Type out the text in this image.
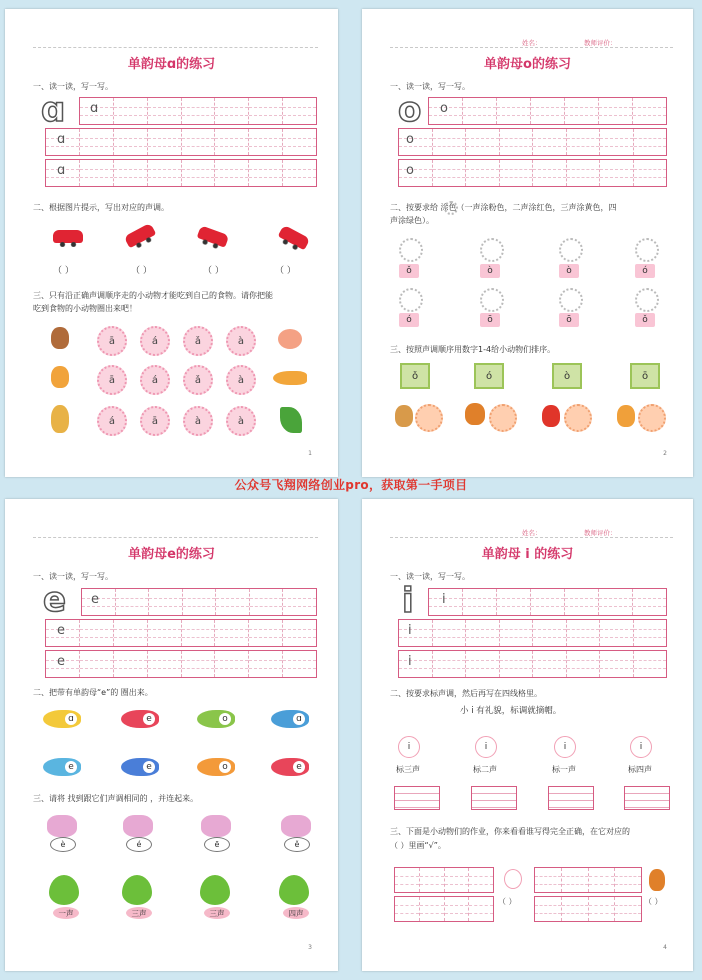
单韵母ɑ的练习
一、读一读，写一写。
ɑ ɑ
ɑ
ɑ
二、根据图片提示，写出对应的声调。
（ ）	（ ）	（ ）	（ ）
三、只有沿正确声调顺序走的小动物才能吃到自己的食物。请你把能
吃到食物的小动物圈出来吧！
ā	á	ǎ	à
ā	á	ǎ	à
á	ā	à	à
1
姓名：	教师评价：
单韵母o的练习
一、读一读，写一写。
o o
o
o
二、按要求给 涂色（一声涂粉色，二声涂红色，三声涂黄色，四
声涂绿色）。
ǒ	ò	ò	ó
ó	ō	ō	ǒ
三、按照声调顺序用数字1-4给小动物们排序。
ǒ	ó	ò	ō
2
公众号飞翔网络创业pro，获取第一手项目
单韵母e的练习
一、读一读，写一写。
e e
e
e
二、把带有单韵母“e”的 圈出来。
ɑ	e	o	ɑ
e	e	o	e
三、请将 找到跟它们声调相同的 ，并连起来。
è	é	ē	ě
一声	三声	三声	四声
3
姓名：	教师评价：
单韵母 i 的练习
一、读一读，写一写。
i i
i
i
二、按要求标声调，然后再写在四线格里。
小 i 有礼貌，标调就摘帽。
i	i	i	i
标三声	标二声	标一声	标四声
三、下面是小动物们的作业，你来看看谁写得完全正确，在它对应的
（ ）里画“√”。
（ ）	（ ）
4
